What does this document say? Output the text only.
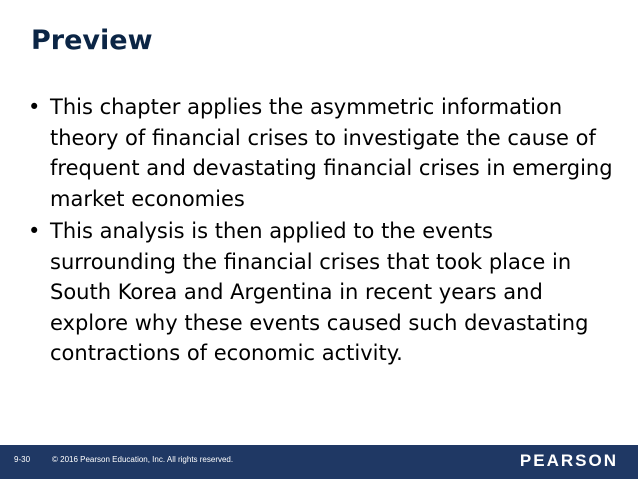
Preview
• This chapter applies the asymmetric information theory of financial crises to investigate the cause of frequent and devastating financial crises in emerging market economies
• This analysis is then applied to the events surrounding the financial crises that took place in South Korea and Argentina in recent years and explore why these events caused such devastating contractions of economic activity.
9-30	© 2016 Pearson Education, Inc. All rights reserved.	PEARSON
